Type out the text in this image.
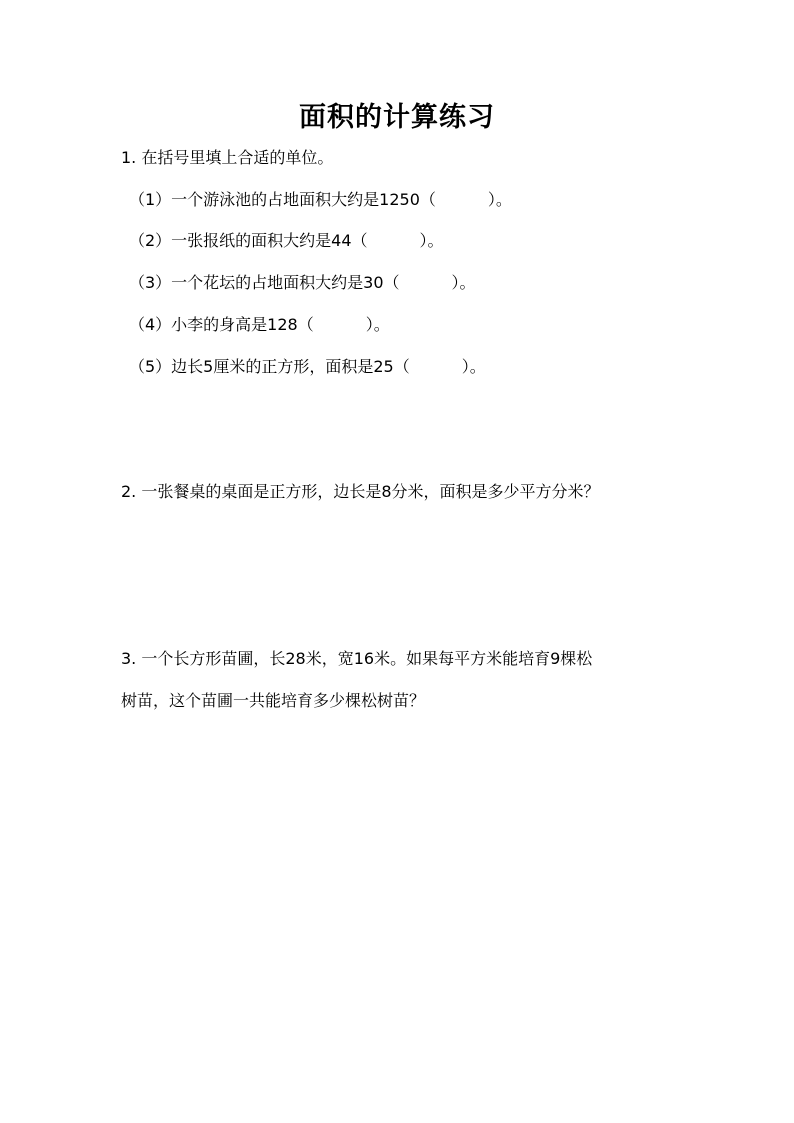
面积的计算练习
1. 在括号里填上合适的单位。
（1）一个游泳池的占地面积大约是1250（	）。
（2）一张报纸的面积大约是44（	）。
（3）一个花坛的占地面积大约是30（	）。
（4）小李的身高是128（	）。
（5）边长5厘米的正方形，面积是25（	）。
2. 一张餐桌的桌面是正方形，边长是8分米，面积是多少平方分米？
3. 一个长方形苗圃，长28米，宽16米。如果每平方米能培育9棵松
树苗，这个苗圃一共能培育多少棵松树苗？
